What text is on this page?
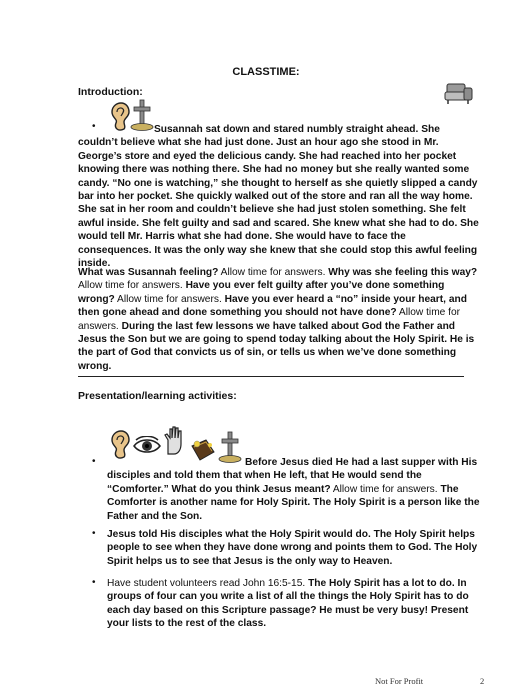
CLASSTIME:
Introduction:
•	Susannah sat down and stared numbly straight ahead. She couldn’t believe what she had just done. Just an hour ago she stood in Mr. George’s store and eyed the delicious candy. She had reached into her pocket knowing there was nothing there. She had no money but she really wanted some candy. “No one is watching,” she thought to herself as she quietly slipped a candy bar into her pocket. She quickly walked out of the store and ran all the way home. She sat in her room and couldn’t believe she had just stolen something. She felt awful inside. She felt guilty and sad and scared. She knew what she had to do. She would tell Mr. Harris what she had done. She would have to face the consequences. It was the only way she knew that she could stop this awful feeling inside.
What was Susannah feeling? Allow time for answers. Why was she feeling this way? Allow time for answers. Have you ever felt guilty after you’ve done something wrong? Allow time for answers. Have you ever heard a “no” inside your heart, and then gone ahead and done something you should not have done? Allow time for answers. During the last few lessons we have talked about God the Father and Jesus the Son but we are going to spend today talking about the Holy Spirit. He is the part of God that convicts us of sin, or tells us when we’ve done something wrong.
Presentation/learning activities:
•	Before Jesus died He had a last supper with His disciples and told them that when He left, that He would send the “Comforter.” What do you think Jesus meant? Allow time for answers. The Comforter is another name for Holy Spirit. The Holy Spirit is a person like the Father and the Son.
• Jesus told His disciples what the Holy Spirit would do. The Holy Spirit helps people to see when they have done wrong and points them to God. The Holy Spirit helps us to see that Jesus is the only way to Heaven.
• Have student volunteers read John 16:5-15. The Holy Spirit has a lot to do. In groups of four can you write a list of all the things the Holy Spirit has to do each day based on this Scripture passage? He must be very busy! Present your lists to the rest of the class.
Not For Profit	2
